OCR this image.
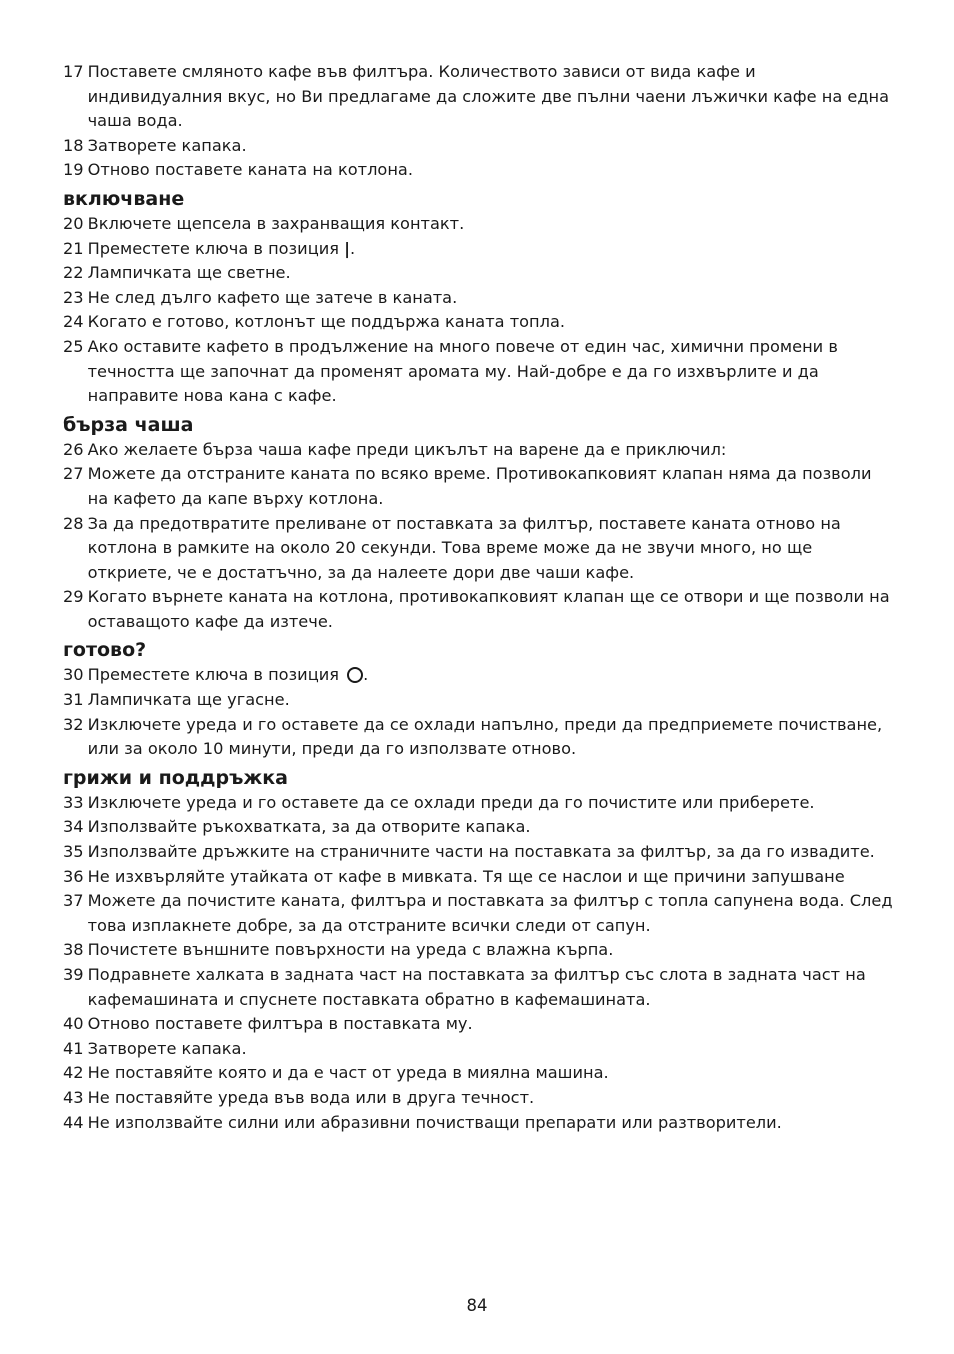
17 Поставете смляното кафе във филтъра. Количеството зависи от вида кафе и индивидуалния вкус, но Ви предлагаме да сложите две пълни чаени лъжички кафе на една чаша вода.
18 Затворете капака.
19 Отново поставете каната на котлона.
включване
20 Включете щепсела в захранващия контакт.
21 Преместете ключа в позиция |.
22 Лампичката ще светне.
23 Не след дълго кафето ще затече в каната.
24 Когато е готово, котлонът ще поддържа каната топла.
25 Ако оставите кафето в продължение на много повече от един час, химични промени в течността ще започнат да променят аромата му. Най-добре е да го изхвърлите и да направите нова кана с кафе.
бърза чаша
26 Ако желаете бърза чаша кафе преди цикълът на варене да е приключил:
27 Можете да отстраните каната по всяко време. Противокапковият клапан няма да позволи на кафето да капе върху котлона.
28 За да предотвратите преливане от поставката за филтър, поставете каната отново на котлона в рамките на около 20 секунди. Това време може да не звучи много, но ще откриете, че е достатъчно, за да налеете дори две чаши кафе.
29 Когато върнете каната на котлона, противокапковият клапан ще се отвори и ще позволи на оставащото кафе да изтече.
готово?
30 Преместете ключа в позиция .
31 Лампичката ще угасне.
32 Изключете уреда и го оставете да се охлади напълно, преди да предприемете почистване, или за около 10 минути, преди да го използвате отново.
грижи и поддръжка
33 Изключете уреда и го оставете да се охлади преди да го почистите или приберете.
34 Използвайте ръкохватката, за да отворите капака.
35 Използвайте дръжките на страничните части на поставката за филтър, за да го извадите.
36 Не изхвърляйте утайката от кафе в мивката. Тя ще се наслои и ще причини запушване
37 Можете да почистите каната, филтъра и поставката за филтър с топла сапунена вода. След това изплакнете добре, за да отстраните всички следи от сапун.
38 Почистете външните повърхности на уреда с влажна кърпа.
39 Подравнете халката в задната част на поставката за филтър със слота в задната част на кафемашината и спуснете поставката обратно в кафемашината.
40 Отново поставете филтъра в поставката му.
41 Затворете капака.
42 Не поставяйте която и да е част от уреда в миялна машина.
43 Не поставяйте уреда във вода или в друга течност.
44 Не използвайте силни или абразивни почистващи препарати или разтворители.
84
